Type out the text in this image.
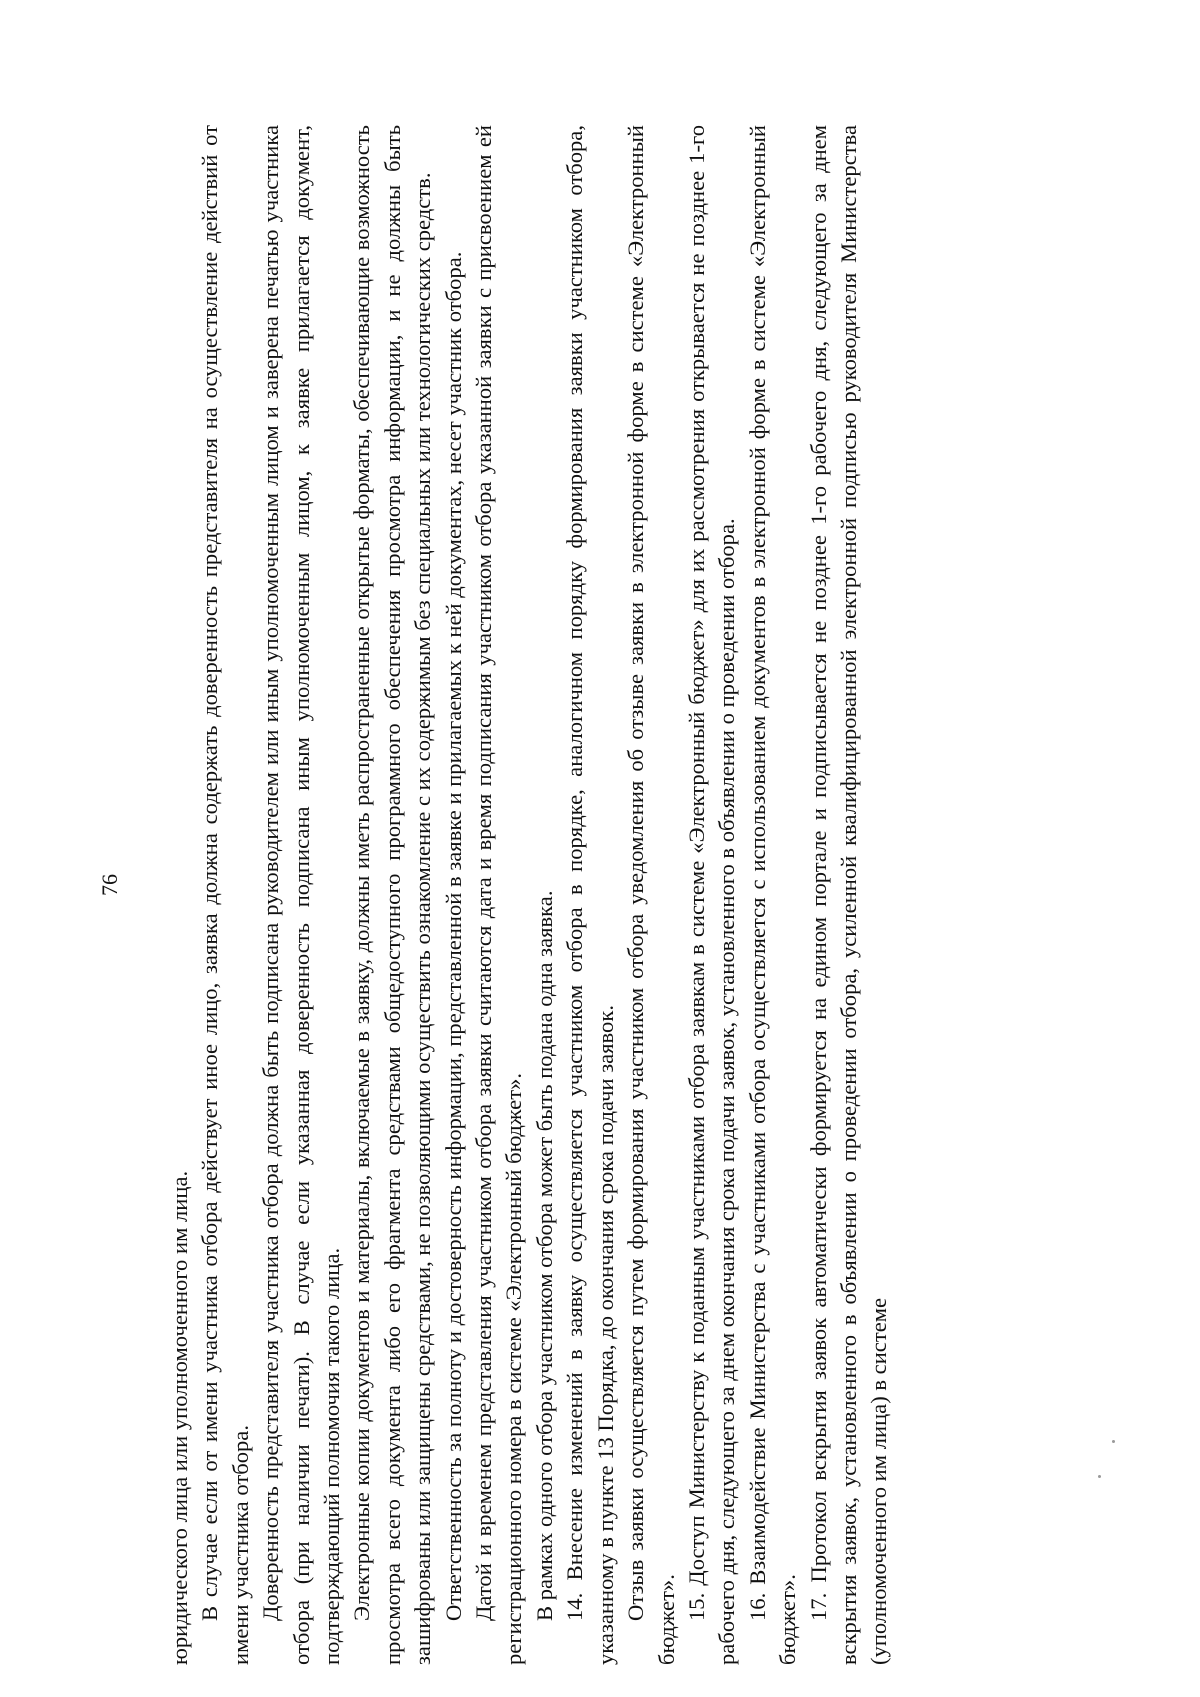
76

юридического лица или уполномоченного им лица. В случае если от имени участника отбора действует иное лицо, заявка должна содержать доверенность представителя на осуществление действий от имени участника отбора. Доверенность представителя участника отбора должна быть подписана руководителем или иным уполномоченным лицом и заверена печатью участника отбора (при наличии печати). В случае если указанная доверенность подписана иным уполномоченным лицом, к заявке прилагается документ, подтверждающий полномочия такого лица. Электронные копии документов и материалы, включаемые в заявку, должны иметь распространенные открытые форматы, обеспечивающие возможность просмотра всего документа либо его фрагмента средствами общедоступного программного обеспечения просмотра информации, и не должны быть зашифрованы или защищены средствами, не позволяющими осуществить ознакомление с их содержимым без специальных или технологических средств. Ответственность за полноту и достоверность информации, представленной в заявке и прилагаемых к ней документах, несет участник отбора. Датой и временем представления участником отбора заявки считаются дата и время подписания участником отбора указанной заявки с присвоением ей регистрационного номера в системе «Электронный бюджет». В рамках одного отбора участником отбора может быть подана одна заявка. 14. Внесение изменений в заявку осуществляется участником отбора в порядке, аналогичном порядку формирования заявки участником отбора, указанному в пункте 13 Порядка, до окончания срока подачи заявок. Отзыв заявки осуществляется путем формирования участником отбора уведомления об отзыве заявки в электронной форме в системе «Электронный бюджет». 15. Доступ Министерству к поданным участниками отбора заявкам в системе «Электронный бюджет» для их рассмотрения открывается не позднее 1-го рабочего дня, следующего за днем окончания срока подачи заявок, установленного в объявлении о проведении отбора. 16. Взаимодействие Министерства с участниками отбора осуществляется с использованием документов в электронной форме в системе «Электронный бюджет». 17. Протокол вскрытия заявок автоматически формируется на едином портале и подписывается не позднее 1-го рабочего дня, следующего за днем вскрытия заявок, установленного в объявлении о проведении отбора, усиленной квалифицированной электронной подписью руководителя Министерства (уполномоченного им лица) в системе
